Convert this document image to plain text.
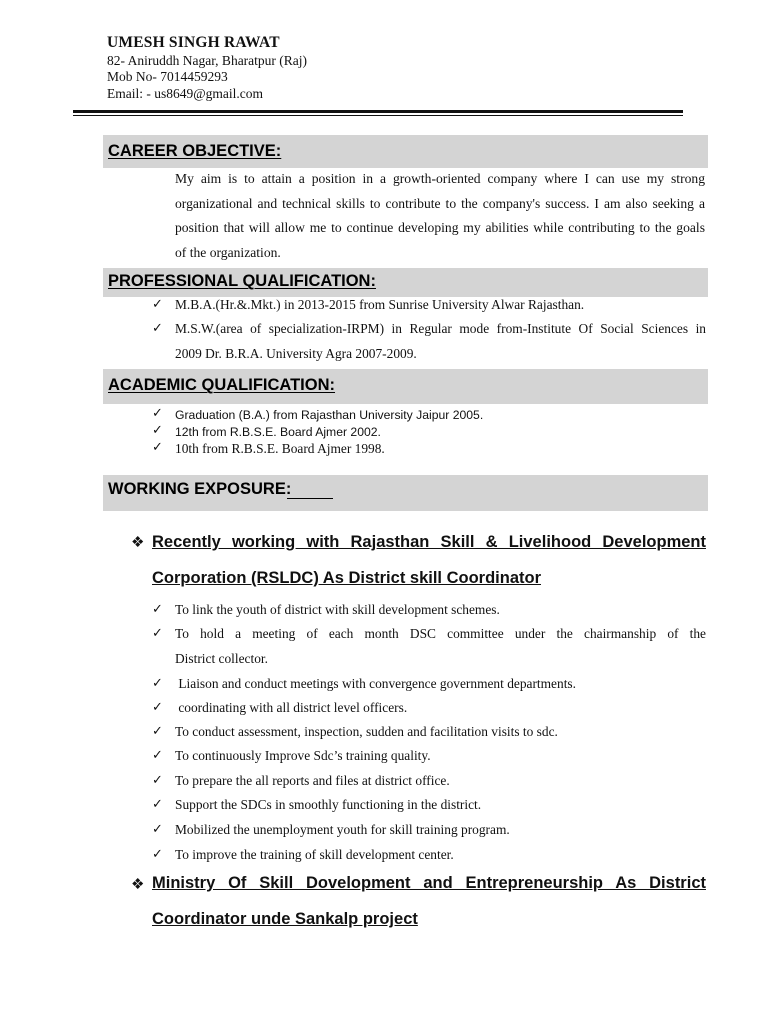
UMESH SINGH RAWAT
82- Aniruddh Nagar, Bharatpur (Raj)
Mob No- 7014459293
Email: - us8649@gmail.com
CAREER OBJECTIVE:
My aim is to attain a position in a growth-oriented company where I can use my strong
organizational and technical skills to contribute to the company's success. I am also seeking a
position that will allow me to continue developing my abilities while contributing to the goals
of the organization.
PROFESSIONAL QUALIFICATION:
✓ M.B.A.(Hr.&.Mkt.) in 2013-2015 from Sunrise University Alwar Rajasthan.
✓ M.S.W.(area of specialization-IRPM) in Regular mode from-Institute Of Social Sciences in
2009 Dr. B.R.A. University Agra 2007-2009.
ACADEMIC QUALIFICATION:
✓ Graduation (B.A.) from Rajasthan University Jaipur 2005.
✓ 12th from R.B.S.E. Board Ajmer 2002.
✓ 10th from R.B.S.E. Board Ajmer 1998.
WORKING EXPOSURE:
❖ Recently working with Rajasthan Skill & Livelihood Development
Corporation (RSLDC) As District skill Coordinator
✓ To link the youth of district with skill development schemes.
✓ To hold a meeting of each month DSC committee under the chairmanship of the
District collector.
✓ Liaison and conduct meetings with convergence government departments.
✓ coordinating with all district level officers.
✓ To conduct assessment, inspection, sudden and facilitation visits to sdc.
✓ To continuously Improve Sdc’s training quality.
✓ To prepare the all reports and files at district office.
✓ Support the SDCs in smoothly functioning in the district.
✓ Mobilized the unemployment youth for skill training program.
✓ To improve the training of skill development center.
❖ Ministry Of Skill Dovelopment and Entrepreneurship As District
Coordinator unde Sankalp project
